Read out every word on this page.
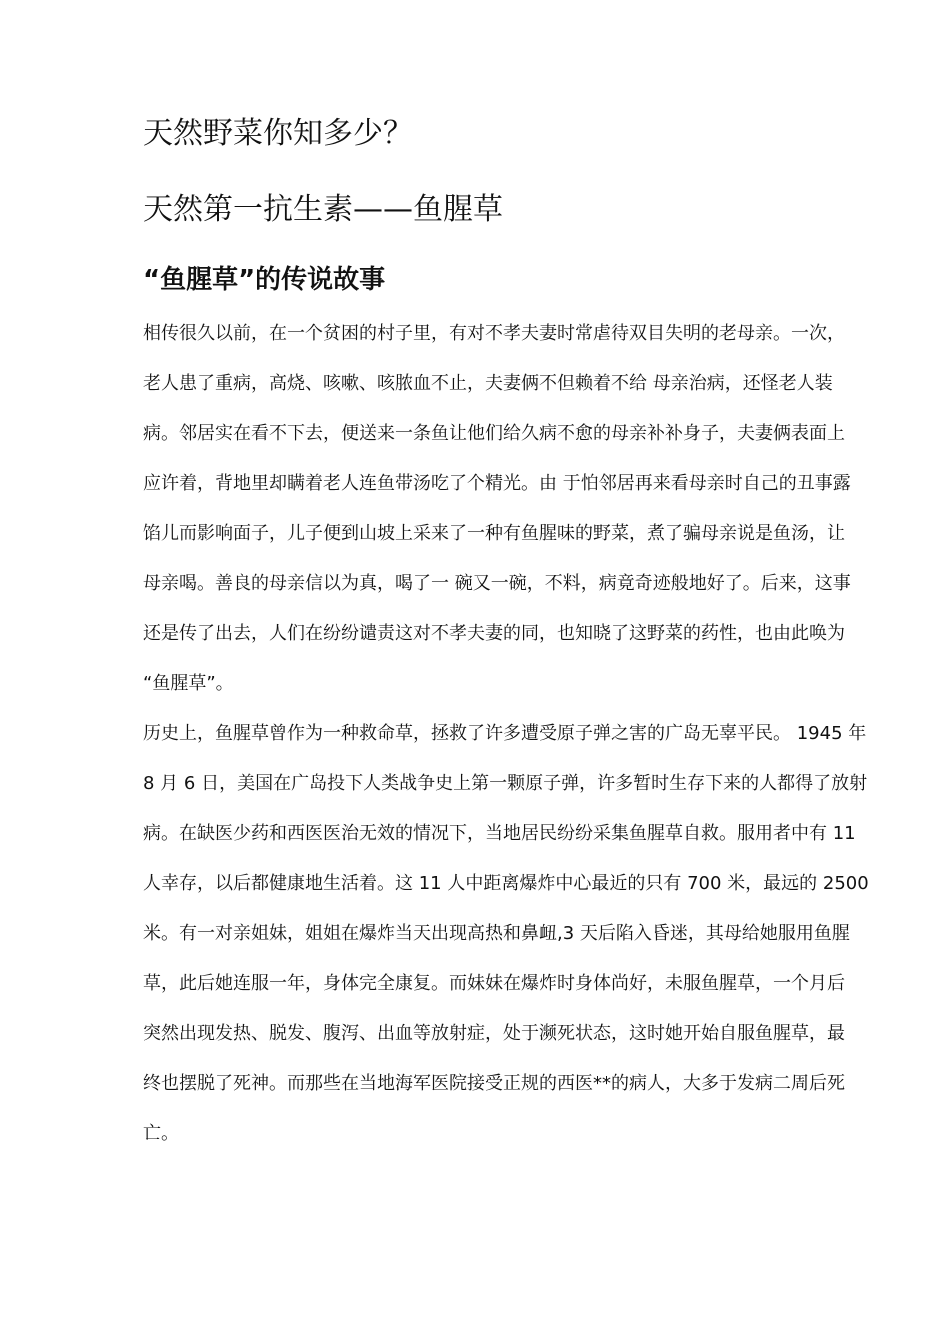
天然野菜你知多少？
天然第一抗生素——鱼腥草
“鱼腥草”的传说故事

相传很久以前，在一个贫困的村子里，有对不孝夫妻时常虐待双目失明的老母亲。一次，

老人患了重病，高烧、咳嗽、咳脓血不止，夫妻俩不但赖着不给 母亲治病，还怪老人装

病。邻居实在看不下去，便送来一条鱼让他们给久病不愈的母亲补补身子，夫妻俩表面上

应许着，背地里却瞒着老人连鱼带汤吃了个精光。由 于怕邻居再来看母亲时自己的丑事露

馅儿而影响面子，儿子便到山坡上采来了一种有鱼腥味的野菜，煮了骗母亲说是鱼汤，让

母亲喝。善良的母亲信以为真，喝了一 碗又一碗，不料，病竟奇迹般地好了。后来，这事

还是传了出去，人们在纷纷谴责这对不孝夫妻的同，也知晓了这野菜的药性，也由此唤为

“鱼腥草”。

历史上，鱼腥草曾作为一种救命草，拯救了许多遭受原子弹之害的广岛无辜平民。 1945 年

8 月 6 日，美国在广岛投下人类战争史上第一颗原子弹，许多暂时生存下来的人都得了放射

病。在缺医少药和西医医治无效的情况下，当地居民纷纷采集鱼腥草自救。服用者中有 11

人幸存，以后都健康地生活着。这 11 人中距离爆炸中心最近的只有 700 米，最远的 2500

米。有一对亲姐妹，姐姐在爆炸当天出现高热和鼻衄,3 天后陷入昏迷，其母给她服用鱼腥

草，此后她连服一年，身体完全康复。而妹妹在爆炸时身体尚好，未服鱼腥草，一个月后

突然出现发热、脱发、腹泻、出血等放射症，处于濒死状态，这时她开始自服鱼腥草，最

终也摆脱了死神。而那些在当地海军医院接受正规的西医**的病人，大多于发病二周后死

亡。
